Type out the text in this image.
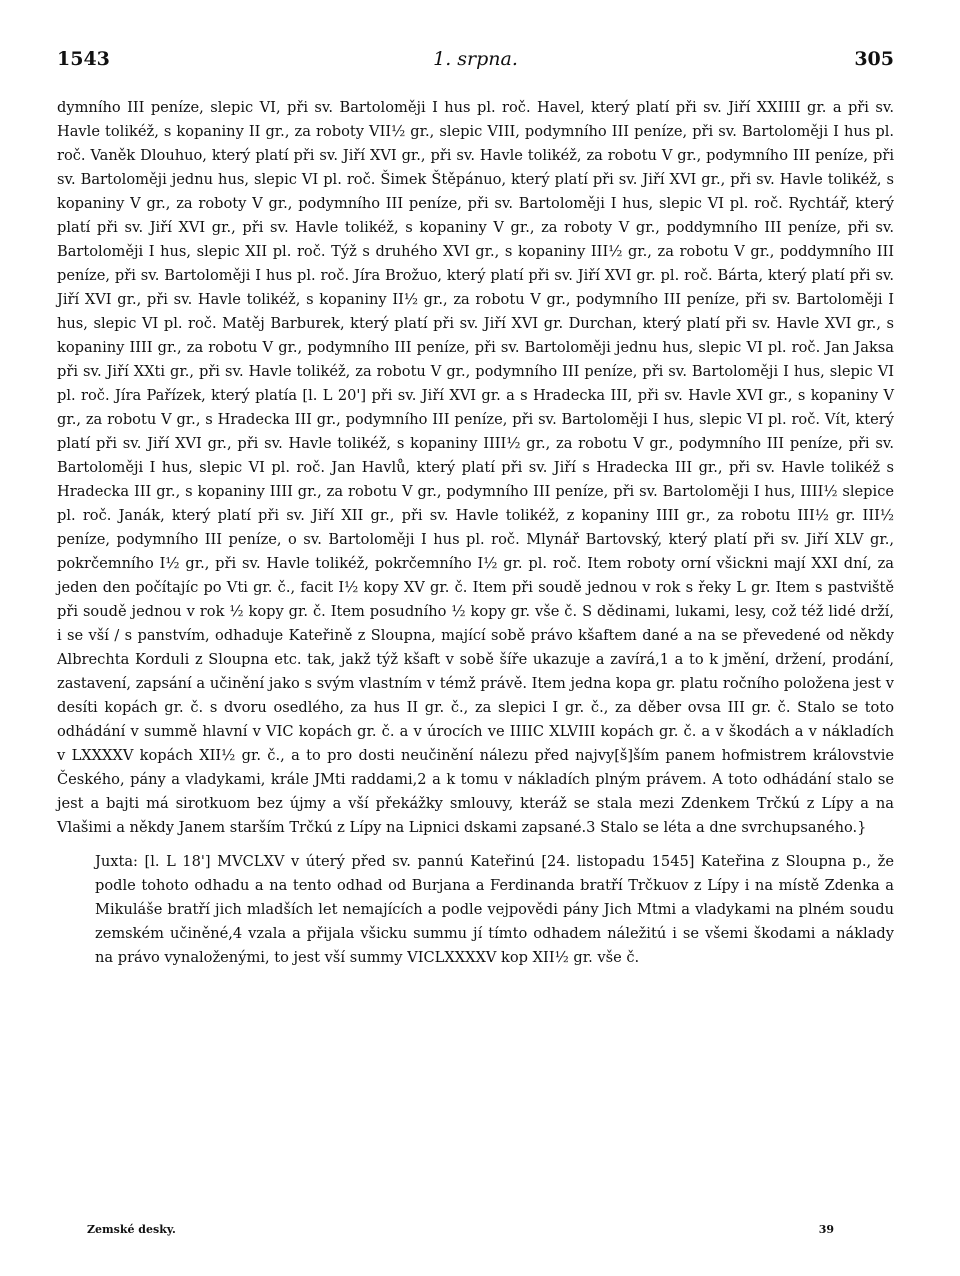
1543	1. srpna.	305

dymního III peníze, slepic VI, při sv. Bartoloměji I hus pl. roč. Havel, který platí při sv. Jiří XXIIII gr. a při sv. Havle tolikéž, s kopaniny II gr., za roboty VII½ gr., slepic VIII, podymního III peníze, při sv. Bartoloměji I hus pl. roč. Vaněk Dlouhuo, který platí při sv. Jiří XVI gr., při sv. Havle tolikéž, za robotu V gr., podymního III peníze, při sv. Bartoloměji jednu hus, slepic VI pl. roč. Šimek Štěpánuo, který platí při sv. Jiří XVI gr., při sv. Havle tolikéž, s kopaniny V gr., za roboty V gr., podymního III peníze, při sv. Bartoloměji I hus, slepic VI pl. roč. Rychtář, který platí při sv. Jiří XVI gr., při sv. Havle tolikéž, s kopaniny V gr., za roboty V gr., poddymního III peníze, při sv. Bartoloměji I hus, slepic XII pl. roč. Týž s druhého XVI gr., s kopaniny III½ gr., za robotu V gr., poddymního III peníze, při sv. Bartoloměji I hus pl. roč. Jíra Brožuo, který platí při sv. Jiří XVI gr. pl. roč. Bárta, který platí při sv. Jiří XVI gr., při sv. Havle tolikéž, s kopaniny II½ gr., za robotu V gr., podymního III peníze, při sv. Bartoloměji I hus, slepic VI pl. roč. Matěj Barburek, který platí při sv. Jiří XVI gr. Durchan, který platí při sv. Havle XVI gr., s kopaniny IIII gr., za robotu V gr., podymního III peníze, při sv. Bartoloměji jednu hus, slepic VI pl. roč. Jan Jaksa při sv. Jiří XXti gr., při sv. Havle tolikéž, za robotu V gr., podymního III peníze, při sv. Bartoloměji I hus, slepic VI pl. roč. Jíra Pařízek, který platía [l. L 20'] při sv. Jiří XVI gr. a s Hradecka III, při sv. Havle XVI gr., s kopaniny V gr., za robotu V gr., s Hradecka III gr., podymního III peníze, při sv. Bartoloměji I hus, slepic VI pl. roč. Vít, který platí při sv. Jiří XVI gr., při sv. Havle tolikéž, s kopaniny IIII½ gr., za robotu V gr., podymního III peníze, při sv. Bartoloměji I hus, slepic VI pl. roč. Jan Havlů, který platí při sv. Jiří s Hradecka III gr., při sv. Havle tolikéž s Hradecka III gr., s kopaniny IIII gr., za robotu V gr., podymního III peníze, při sv. Bartoloměji I hus, IIII½ slepice pl. roč. Janák, který platí při sv. Jiří XII gr., při sv. Havle tolikéž, z kopaniny IIII gr., za robotu III½ gr. III½ peníze, podymního III peníze, o sv. Bartoloměji I hus pl. roč. Mlynář Bartovský, který platí při sv. Jiří XLV gr., pokrčemního I½ gr., při sv. Havle tolikéž, pokrčemního I½ gr. pl. roč. Item roboty orní všickni mají XXI dní, za jeden den počítajíc po Vti gr. č., facit I½ kopy XV gr. č. Item při soudě jednou v rok s řeky L gr. Item s pastviště při soudě jednou v rok ½ kopy gr. č. Item posudního ½ kopy gr. vše č. S dědinami, lukami, lesy, což též lidé drží, i se vší / s panstvím, odhaduje Kateřině z Sloupna, mající sobě právo kšaftem dané a na se převedené od někdy Albrechta Korduli z Sloupna etc. tak, jakž týž kšaft v sobě šíře ukazuje a zavírá,1 a to k jmění, držení, prodání, zastavení, zapsání a učinění jako s svým vlastním v témž právě. Item jedna kopa gr. platu ročního položena jest v desíti kopách gr. č. s dvoru osedlého, za hus II gr. č., za slepici I gr. č., za děber ovsa III gr. č. Stalo se toto odhádání v summě hlavní v VIC kopách gr. č. a v úrocích ve IIIIC XLVIII kopách gr. č. a v škodách a v nákladích v LXXXXV kopách XII½ gr. č., a to pro dosti neučinění nálezu před najvy[š]ším panem hofmistrem královstvie Českého, pány a vladykami, krále JMti raddami,2 a k tomu v nákladích plným právem. A toto odhádání stalo se jest a bajti má sirotkuom bez újmy a vší překážky smlouvy, kteráž se stala mezi Zdenkem Trčkú z Lípy a na Vlašimi a někdy Janem starším Trčkú z Lípy na Lipnici dskami zapsané.3 Stalo se léta a dne svrchupsaného.}

Juxta: [l. L 18'] MVCLXV v úterý před sv. pannú Kateřinú [24. listopadu 1545] Kateřina z Sloupna p., že podle tohoto odhadu a na tento odhad od Burjana a Ferdinanda bratří Trčkuov z Lípy i na místě Zdenka a Mikuláše bratří jich mladších let nemajících a podle vejpovědi pány Jich Mtmi a vladykami na plném soudu zemském učiněné,4 vzala a přijala všicku summu jí tímto odhadem náležitú i se všemi škodami a náklady na právo vynaloženými, to jest vší summy VICLXXXXV kop XII½ gr. vše č.

Zemské desky.	39
